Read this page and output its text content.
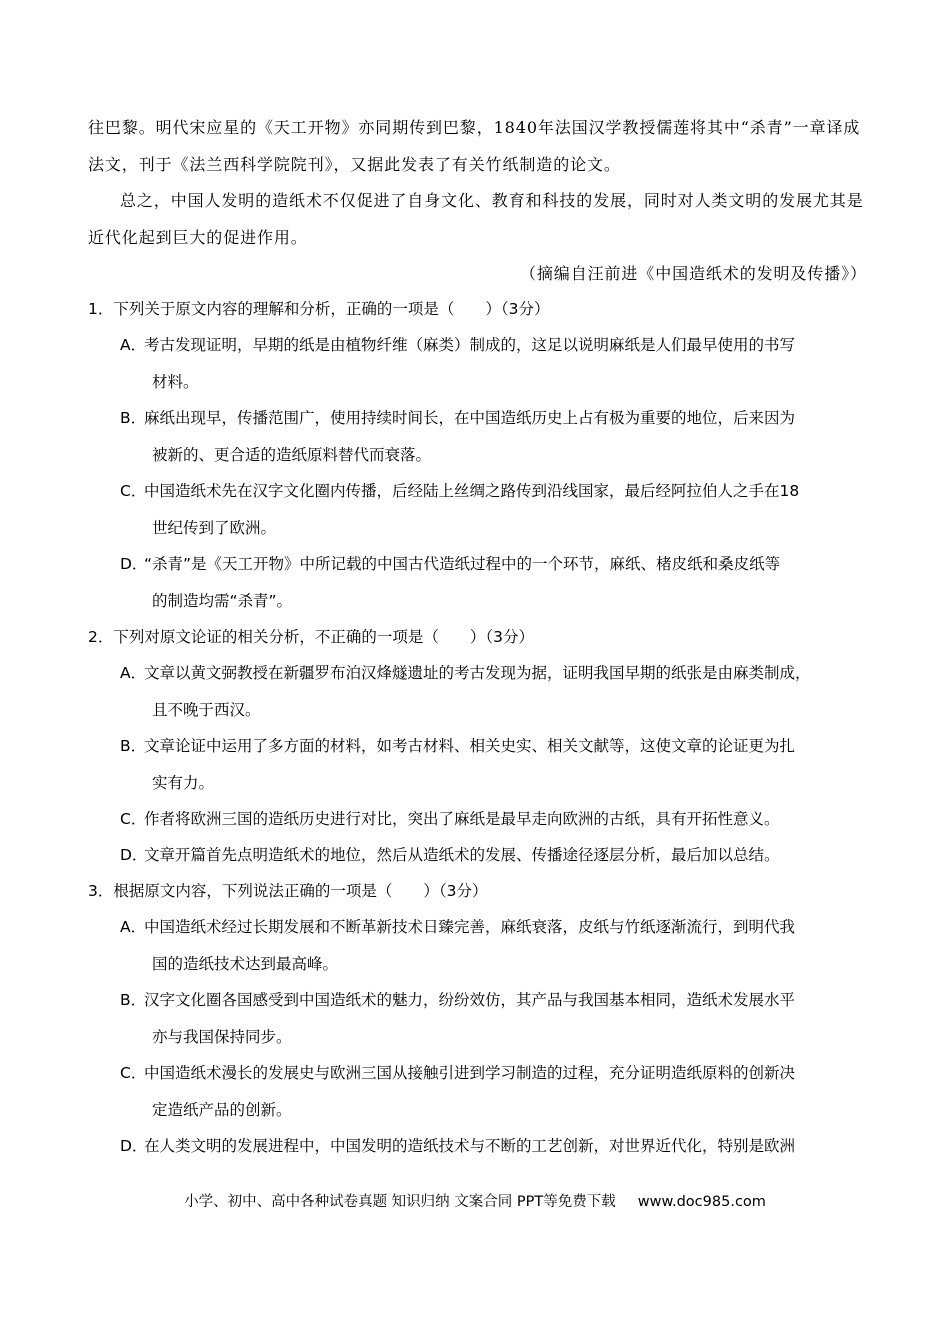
往巴黎。明代宋应星的《天工开物》亦同期传到巴黎，1840年法国汉学教授儒莲将其中“杀青”一章译成
法文，刊于《法兰西科学院院刊》，又据此发表了有关竹纸制造的论文。
总之，中国人发明的造纸术不仅促进了自身文化、教育和科技的发展，同时对人类文明的发展尤其是
近代化起到巨大的促进作用。
（摘编自汪前进《中国造纸术的发明及传播》）
1．下列关于原文内容的理解和分析，正确的一项是（　　）（3分）
A．考古发现证明，早期的纸是由植物纤维（麻类）制成的，这足以说明麻纸是人们最早使用的书写
材料。
B．麻纸出现早，传播范围广，使用持续时间长，在中国造纸历史上占有极为重要的地位，后来因为
被新的、更合适的造纸原料替代而衰落。
C．中国造纸术先在汉字文化圈内传播，后经陆上丝绸之路传到沿线国家，最后经阿拉伯人之手在18
世纪传到了欧洲。
D．“杀青”是《天工开物》中所记载的中国古代造纸过程中的一个环节，麻纸、楮皮纸和桑皮纸等
的制造均需“杀青”。
2．下列对原文论证的相关分析，不正确的一项是（　　）（3分）
A．文章以黄文弼教授在新疆罗布泊汉烽燧遗址的考古发现为据，证明我国早期的纸张是由麻类制成，
且不晚于西汉。
B．文章论证中运用了多方面的材料，如考古材料、相关史实、相关文献等，这使文章的论证更为扎
实有力。
C．作者将欧洲三国的造纸历史进行对比，突出了麻纸是最早走向欧洲的古纸，具有开拓性意义。
D．文章开篇首先点明造纸术的地位，然后从造纸术的发展、传播途径逐层分析，最后加以总结。
3．根据原文内容，下列说法正确的一项是（　　）（3分）
A．中国造纸术经过长期发展和不断革新技术日臻完善，麻纸衰落，皮纸与竹纸逐渐流行，到明代我
国的造纸技术达到最高峰。
B．汉字文化圈各国感受到中国造纸术的魅力，纷纷效仿，其产品与我国基本相同，造纸术发展水平
亦与我国保持同步。
C．中国造纸术漫长的发展史与欧洲三国从接触引进到学习制造的过程，充分证明造纸原料的创新决
定造纸产品的创新。
D．在人类文明的发展进程中，中国发明的造纸技术与不断的工艺创新，对世界近代化，特别是欧洲
小学、初中、高中各种试卷真题 知识归纳 文案合同 PPT等免费下载 www.doc985.com
